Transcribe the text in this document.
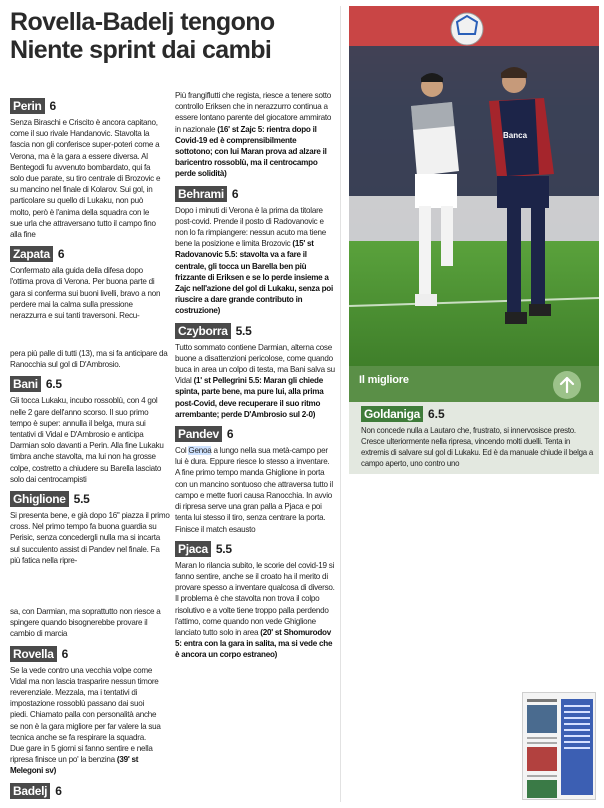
Rovella-Badelj tengono
Niente sprint dai cambi
Perin 6
Senza Biraschi e Criscito è ancora capitano, come il suo rivale Handanovic. Stavolta la fascia non gli conferisce super-poteri come a Verona, ma è la gara a essere diversa. Al Bentegodi fu avvenuto bombardato, qui fa solo due parate, su tiro centrale di Brozovic e su mancino nel finale di Kolarov. Sui gol, in particolare su quello di Lukaku, non può molto, però è l'anima della squadra con le sue urla che attraversano tutto il campo fino alla fine
Zapata 6
Confermato alla guida della difesa dopo l'ottima prova di Verona. Per buona parte di gara si conferma sui buoni livelli, bravo a non perdere mai la calma sulla pressione nerazzurra e sui tanti traversoni. Recu-
pera più palle di tutti (13), ma si fa anticipare da Ranocchia sul gol di D'Ambrosio.
Bani 6.5
Gli tocca Lukaku, incubo rossoblù, con 4 gol nelle 2 gare dell'anno scorso. Il suo primo tempo è super: annulla il belga, mura sui tentativi di Vidal e D'Ambrosio e anticipa Darmian solo davanti a Perin. Alla fine Lukaku timbra anche stavolta, ma lui non ha grosse colpe, costretto a chiudere su Barella lasciato solo dai centrocampisti
Ghiglione 5.5
Si presenta bene, e già dopo 16'' piazza il primo cross. Nel primo tempo fa buona guardia su Perisic, senza concedergli nulla ma si incarta sul succulento assist di Pandev nel finale. Fa più fatica nella ripre-
sa, con Darmian, ma soprattutto non riesce a spingere quando bisognerebbe provare il cambio di marcia
Rovella 6
Se la vede contro una vecchia volpe come Vidal ma non lascia trasparire nessun timore reverenziale. Mezzala, ma i tentativi di impostazione rossoblù passano dai suoi piedi. Chiamato palla con personalità anche se non è la gara migliore per far valere la sua tecnica anche se fa respirare la squadra. Due gare in 5 giorni si fanno sentire e nella ripresa finisce un po' la benzina (39' st Melegoni sv)
Badelj 6
Più frangiflutti che regista, riesce a tenere sotto controllo Eriksen che in nerazzurro continua a essere lontano parente del giocatore ammirato in nazionale (16' st Zajc 5: rientra dopo il Covid-19 ed è comprensibilmente sottotono; con lui Maran prova ad alzare il baricentro rossoblù, ma il centrocampo perde solidità)
Behrami 6
Dopo i minuti di Verona è la prima da titolare post-covid. Prende il posto di Radovanovic e non lo fa rimpiangere: nessun acuto ma tiene bene la posizione e limita Brozovic (15' st Radovanovic 5.5: stavolta va a fare il centrale, gli tocca un Barella ben più frizzante di Eriksen e se lo perde insieme a Zajc nell'azione del gol di Lukaku, senza poi riuscire a dare grande contributo in costruzione)
Czyborra 5.5
Tutto sommato contiene Darmian, alterna cose buone a disattenzioni pericolose, come quando buca in area un colpo di testa, ma Bani salva su Vidal (1' st Pellegrini 5.5: Maran gli chiede spinta, parte bene, ma pure lui, alla prima post-Covid, deve recuperare il suo ritmo arrembante; perde D'Ambrosio sul 2-0)
Pandev 6
Col Genoa a lungo nella sua metà-campo per lui è dura. Eppure riesce lo stesso a inventare. A fine primo tempo manda Ghiglione in porta con un mancino sontuoso che attraversa tutto il campo e mette fuori causa Ranocchia. In avvio di ripresa serve una gran palla a Pjaca e poi tenta lui stesso il tiro, senza centrare la porta. Finisce il match esausto
Pjaca 5.5
Maran lo rilancia subito, le scorie del covid-19 si fanno sentire, anche se il croato ha il merito di provare spesso a inventare qualcosa di diverso. Il problema è che stavolta non trova il colpo risolutivo e a volte tiene troppo palla perdendo l'attimo, come quando non vede Ghiglione lanciato tutto solo in area (20' st Shomurodov 5: entra con la gara in salita, ma si vede che è ancora un corpo estraneo)
Banca
Il migliore
Goldaniga 6.5
Non concede nulla a Lautaro che, frustrato, si innervosisce presto. Cresce ulteriormente nella ripresa, vincendo molti duelli. Tenta in extremis di salvare sul gol di Lukaku. Ed è da manuale chiude il belga a campo aperto, uno contro uno
